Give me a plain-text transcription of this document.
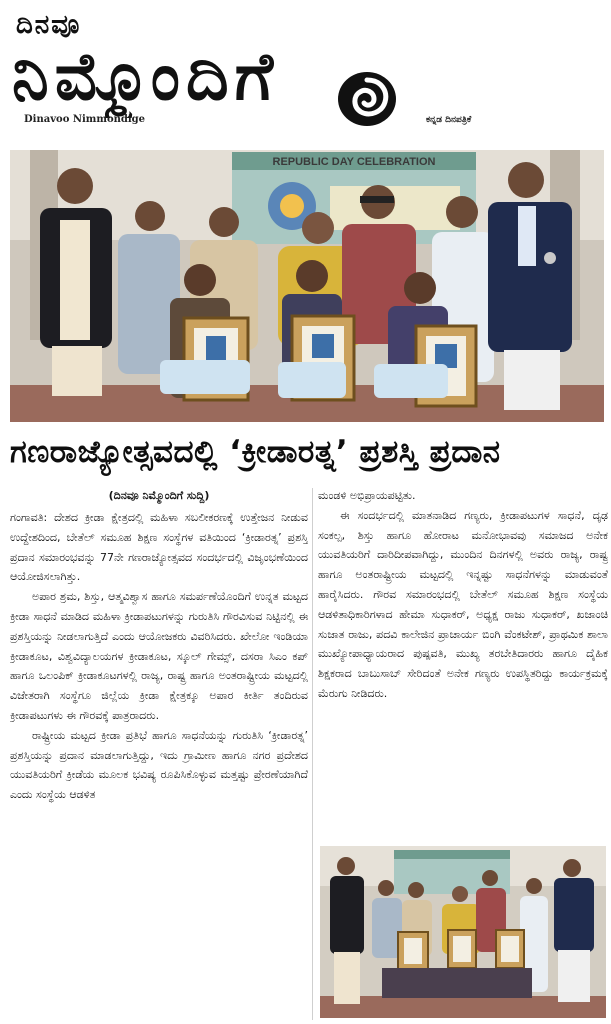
ದಿನವೂ
ನಿಮ್ಮೊಂದಿಗೆ
Dinavoo Nimmondige	ಕನ್ನಡ ದಿನಪತ್ರಿಕೆ
REPUBLIC DAY CELEBRATION
ಗಣರಾಜ್ಯೋತ್ಸವದಲ್ಲಿ ‘ಕ್ರೀಡಾರತ್ನ’ ಪ್ರಶಸ್ತಿ ಪ್ರದಾನ
(ದಿನವೂ ನಿಮ್ಮೊಂದಿಗೆ ಸುದ್ದಿ)

ಗಂಗಾವತಿ: ದೇಶದ ಕ್ರೀಡಾ ಕ್ಷೇತ್ರದಲ್ಲಿ ಮಹಿಳಾ ಸಬಲೀಕರಣಕ್ಕೆ ಉತ್ತೇಜನ ನೀಡುವ ಉದ್ದೇಶದಿಂದ, ಬೇತೆಲ್ ಸಮೂಹ ಶಿಕ್ಷಣ ಸಂಸ್ಥೆಗಳ ವತಿಯಿಂದ ‘ಕ್ರೀಡಾರತ್ನ’ ಪ್ರಶಸ್ತಿ ಪ್ರದಾನ ಸಮಾರಂಭವನ್ನು 77ನೇ ಗಣರಾಜ್ಯೋತ್ಸವದ ಸಂದರ್ಭದಲ್ಲಿ ವಿಜೃಂಭಣೆಯಿಂದ ಆಯೋಜಿಸಲಾಗಿತ್ತು.

ಅಪಾರ ಶ್ರಮ, ಶಿಸ್ತು, ಆತ್ಮವಿಶ್ವಾಸ ಹಾಗೂ ಸಮರ್ಪಣೆಯೊಂದಿಗೆ ಉನ್ನತ ಮಟ್ಟದ ಕ್ರೀಡಾ ಸಾಧನೆ ಮಾಡಿದ ಮಹಿಳಾ ಕ್ರೀಡಾಪಟುಗಳನ್ನು ಗುರುತಿಸಿ ಗೌರವಿಸುವ ನಿಟ್ಟಿನಲ್ಲಿ ಈ ಪ್ರಶಸ್ತಿಯನ್ನು ನೀಡಲಾಗುತ್ತಿದೆ ಎಂದು ಆಯೋಜಕರು ವಿವರಿಸಿದರು. ಖೇಲೋ ಇಂಡಿಯಾ ಕ್ರೀಡಾಕೂಟ, ವಿಶ್ವವಿದ್ಯಾಲಯಗಳ ಕ್ರೀಡಾಕೂಟ, ಸ್ಕೂಲ್ ಗೇಮ್ಸ್, ದಸರಾ ಸಿಎಂ ಕಪ್ ಹಾಗೂ ಒಲಂಪಿಕ್ ಕ್ರೀಡಾಕೂಟಗಳಲ್ಲಿ ರಾಜ್ಯ, ರಾಷ್ಟ್ರ ಹಾಗೂ ಅಂತರಾಷ್ಟ್ರೀಯ ಮಟ್ಟದಲ್ಲಿ ವಿಜೇತರಾಗಿ ಸಂಸ್ಥೆಗೂ ಜಿಲ್ಲೆಯ ಕ್ರೀಡಾ ಕ್ಷೇತ್ರಕ್ಕೂ ಅಪಾರ ಕೀರ್ತಿ ತಂದಿರುವ ಕ್ರೀಡಾಪಟುಗಳು ಈ ಗೌರವಕ್ಕೆ ಪಾತ್ರರಾದರು.

ರಾಷ್ಟ್ರೀಯ ಮಟ್ಟದ ಕ್ರೀಡಾ ಪ್ರತಿಭೆ ಹಾಗೂ ಸಾಧನೆಯನ್ನು ಗುರುತಿಸಿ ‘ಕ್ರೀಡಾರತ್ನ’ ಪ್ರಶಸ್ತಿಯನ್ನು ಪ್ರದಾನ ಮಾಡಲಾಗುತ್ತಿದ್ದು, ಇದು ಗ್ರಾಮೀಣ ಹಾಗೂ ನಗರ ಪ್ರದೇಶದ ಯುವತಿಯರಿಗೆ ಕ್ರೀಡೆಯ ಮೂಲಕ ಭವಿಷ್ಯ ರೂಪಿಸಿಕೊಳ್ಳುವ ಮತ್ತಷ್ಟು ಪ್ರೇರಣೆಯಾಗಿದೆ ಎಂದು ಸಂಸ್ಥೆಯ ಆಡಳಿತ

ಮಂಡಳಿ ಅಭಿಪ್ರಾಯಪಟ್ಟಿತು.

ಈ ಸಂದರ್ಭದಲ್ಲಿ ಮಾತನಾಡಿದ ಗಣ್ಯರು, ಕ್ರೀಡಾಪಟುಗಳ ಸಾಧನೆ, ದೃಢ ಸಂಕಲ್ಪ, ಶಿಸ್ತು ಹಾಗೂ ಹೋರಾಟ ಮನೋಭಾವವು ಸಮಾಜದ ಅನೇಕ ಯುವತಿಯರಿಗೆ ದಾರಿದೀಪವಾಗಿದ್ದು, ಮುಂದಿನ ದಿನಗಳಲ್ಲಿ ಅವರು ರಾಜ್ಯ, ರಾಷ್ಟ್ರ ಹಾಗೂ ಅಂತರಾಷ್ಟ್ರೀಯ ಮಟ್ಟದಲ್ಲಿ ಇನ್ನಷ್ಟು ಸಾಧನೆಗಳನ್ನು ಮಾಡುವಂತೆ ಹಾರೈಸಿದರು. ಗೌರವ ಸಮಾರಂಭದಲ್ಲಿ ಬೇತೆಲ್ ಸಮೂಹ ಶಿಕ್ಷಣ ಸಂಸ್ಥೆಯ ಆಡಳಿತಾಧಿಕಾರಿಗಳಾದ ಹೇಮಾ ಸುಧಾಕರ್, ಅಧ್ಯಕ್ಷ ರಾಜು ಸುಧಾಕರ್, ಖಜಾಂಚಿ ಸುಜಾತ ರಾಜು, ಪದವಿ ಕಾಲೇಜಿನ ಪ್ರಾಚಾರ್ಯ ಬಿಂಗಿ ವೆಂಕಟೇಶ್, ಪ್ರಾಥಮಿಕ ಶಾಲಾ ಮುಖ್ಯೋಪಾಧ್ಯಾಯರಾದ ಪುಷ್ಪವತಿ, ಮುಖ್ಯ ತರಬೇತಿದಾರರು ಹಾಗೂ ದೈಹಿಕ ಶಿಕ್ಷಕರಾದ ಬಾಬುಸಾಬ್ ಸೇರಿದಂತೆ ಅನೇಕ ಗಣ್ಯರು ಉಪಸ್ಥಿತರಿದ್ದು ಕಾರ್ಯಕ್ರಮಕ್ಕೆ ಮೆರುಗು ನೀಡಿದರು.
